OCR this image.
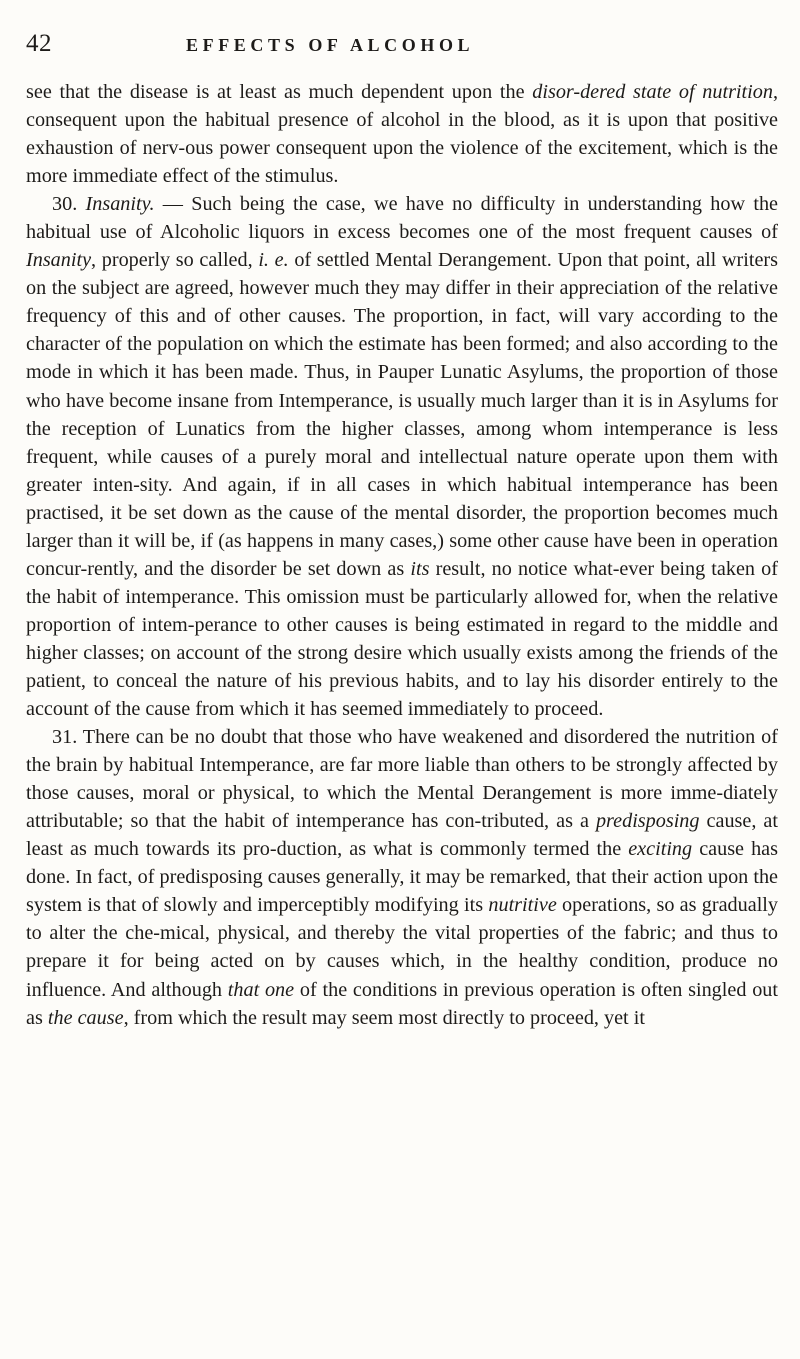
42	EFFECTS OF ALCOHOL

see that the disease is at least as much dependent upon the disor-dered state of nutrition, consequent upon the habitual presence of alcohol in the blood, as it is upon that positive exhaustion of nerv-ous power consequent upon the violence of the excitement, which is the more immediate effect of the stimulus.

30. Insanity. — Such being the case, we have no difficulty in understanding how the habitual use of Alcoholic liquors in excess becomes one of the most frequent causes of Insanity, properly so called, i. e. of settled Mental Derangement. Upon that point, all writers on the subject are agreed, however much they may differ in their appreciation of the relative frequency of this and of other causes. The proportion, in fact, will vary according to the character of the population on which the estimate has been formed; and also according to the mode in which it has been made. Thus, in Pauper Lunatic Asylums, the proportion of those who have become insane from Intemperance, is usually much larger than it is in Asylums for the reception of Lunatics from the higher classes, among whom intemperance is less frequent, while causes of a purely moral and intellectual nature operate upon them with greater inten-sity. And again, if in all cases in which habitual intemperance has been practised, it be set down as the cause of the mental disorder, the proportion becomes much larger than it will be, if (as happens in many cases,) some other cause have been in operation concur-rently, and the disorder be set down as its result, no notice what-ever being taken of the habit of intemperance. This omission must be particularly allowed for, when the relative proportion of intem-perance to other causes is being estimated in regard to the middle and higher classes; on account of the strong desire which usually exists among the friends of the patient, to conceal the nature of his previous habits, and to lay his disorder entirely to the account of the cause from which it has seemed immediately to proceed.

31. There can be no doubt that those who have weakened and disordered the nutrition of the brain by habitual Intemperance, are far more liable than others to be strongly affected by those causes, moral or physical, to which the Mental Derangement is more imme-diately attributable; so that the habit of intemperance has con-tributed, as a predisposing cause, at least as much towards its pro-duction, as what is commonly termed the exciting cause has done. In fact, of predisposing causes generally, it may be remarked, that their action upon the system is that of slowly and imperceptibly modifying its nutritive operations, so as gradually to alter the che-mical, physical, and thereby the vital properties of the fabric; and thus to prepare it for being acted on by causes which, in the healthy condition, produce no influence. And although that one of the conditions in previous operation is often singled out as the cause, from which the result may seem most directly to proceed, yet it
